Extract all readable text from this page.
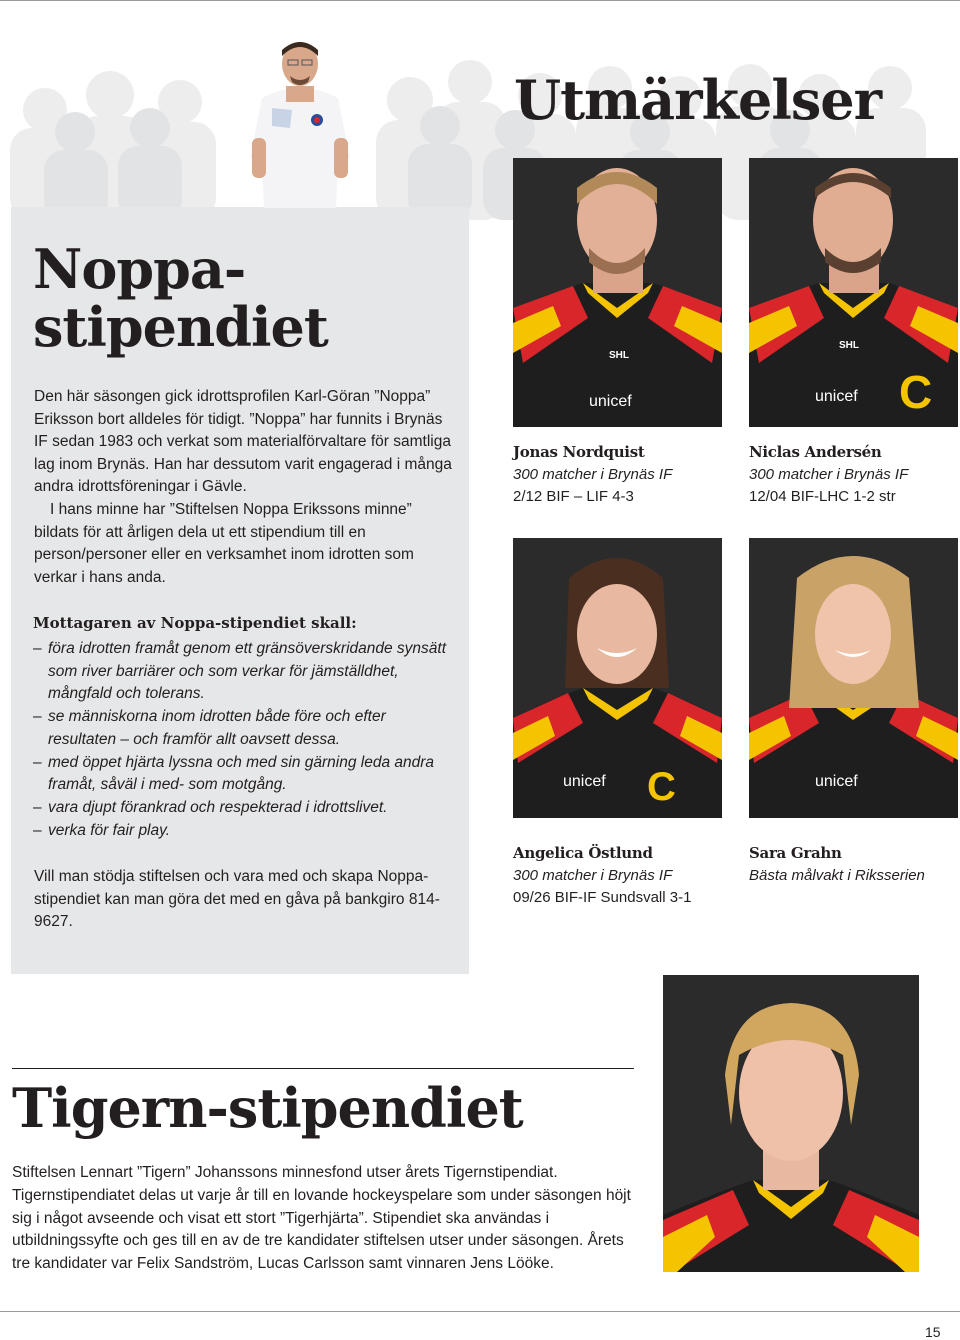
Utmärkelser
Noppa-
stipendiet
Den här säsongen gick idrottsprofilen Karl-Göran ”Noppa” Eriksson bort alldeles för tidigt. ”Noppa” har funnits i Brynäs IF sedan 1983 och verkat som materialförvaltare för samtliga lag inom Brynäs. Han har dessutom varit engagerad i många andra idrottsföreningar i Gävle.
I hans minne har ”Stiftelsen Noppa Erikssons minne” bildats för att årligen dela ut ett stipendium till en person/personer eller en verksamhet inom idrotten som verkar i hans anda.
Mottagaren av Noppa-stipendiet skall:
– föra idrotten framåt genom ett gränsöverskridande synsätt som river barriärer och som verkar för jämställdhet, mångfald och tolerans.
– se människorna inom idrotten både före och efter resultaten – och framför allt oavsett dessa.
– med öppet hjärta lyssna och med sin gärning leda andra framåt, såväl i med- som motgång.
– vara djupt förankrad och respekterad i idrottslivet.
– verka för fair play.
Vill man stödja stiftelsen och vara med och skapa Noppa-stipendiet kan man göra det med en gåva på bankgiro 814-9627.
unicef
SHL
unicef C
SHL
Jonas Nordquist
300 matcher i Brynäs IF
2/12 BIF – LIF 4-3
Niclas Andersén
300 matcher i Brynäs IF
12/04 BIF-LHC 1-2 str
unicef C	unicef
Angelica Östlund
300 matcher i Brynäs IF
09/26 BIF-IF Sundsvall 3-1
Sara Grahn
Bästa målvakt i Riksserien
Tigern-stipendiet
Stiftelsen Lennart ”Tigern” Johanssons minnesfond utser årets Tigernstipendiat. Tigernstipendiatet delas ut varje år till en lovande hockeyspelare som under säsongen höjt sig i något avseende och visat ett stort ”Tigerhjärta”. Stipendiet ska användas i utbildningssyfte och ges till en av de tre kandidater stiftelsen utser under säsongen. Årets tre kandidater var Felix Sandström, Lucas Carlsson samt vinnaren Jens Lööke.
15
